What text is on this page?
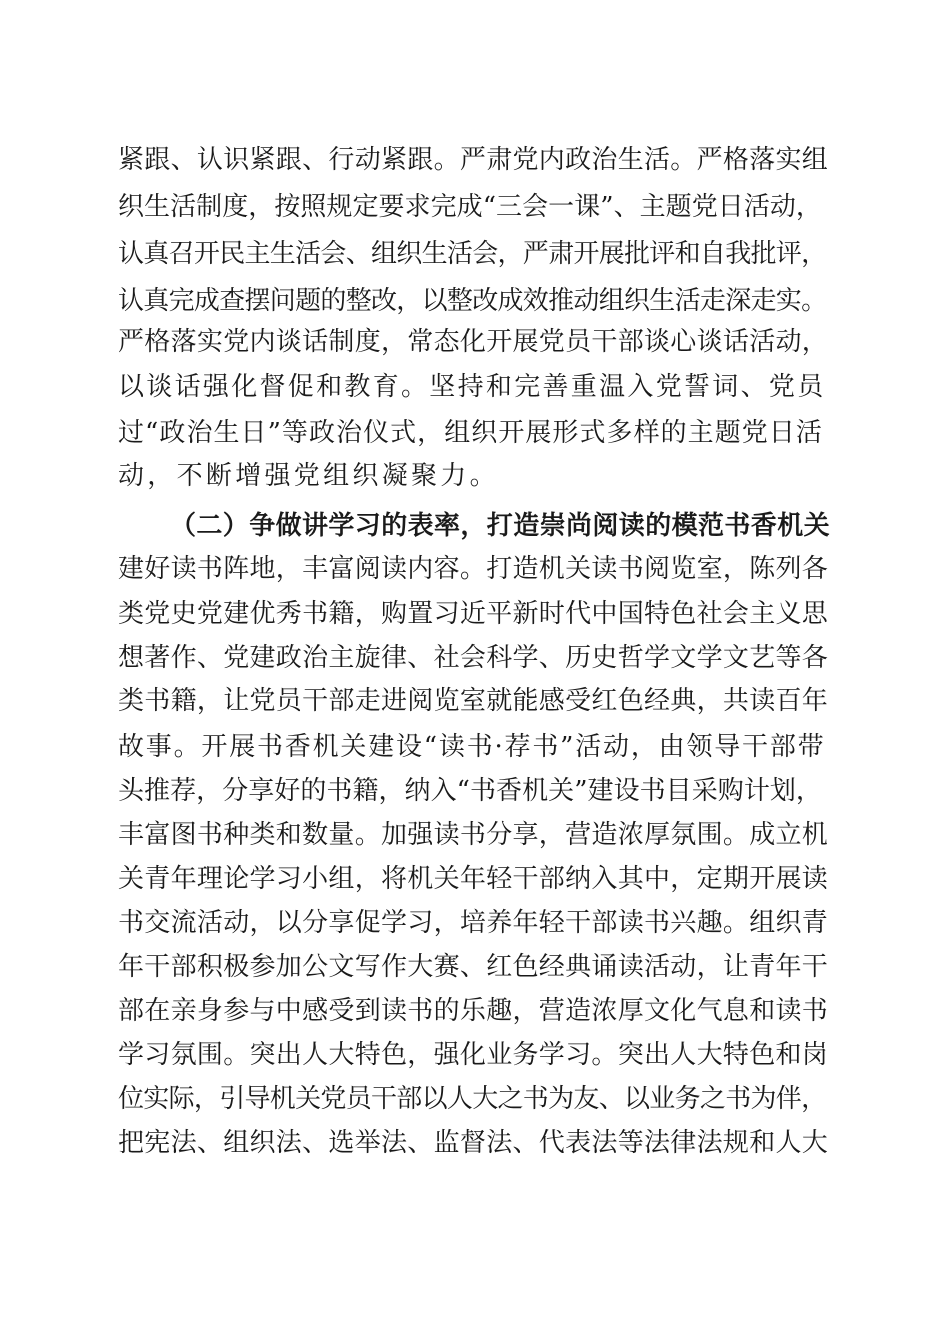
紧跟、认识紧跟、行动紧跟。严肃党内政治生活。严格落实组
织生活制度，按照规定要求完成“三会一课”、主题党日活动，
认真召开民主生活会、组织生活会，严肃开展批评和自我批评，
认真完成查摆问题的整改，以整改成效推动组织生活走深走实。
严格落实党内谈话制度，常态化开展党员干部谈心谈话活动，
以谈话强化督促和教育。坚持和完善重温入党誓词、党员
过“政治生日”等政治仪式，组织开展形式多样的主题党日活
动，不断增强党组织凝聚力。
（二）争做讲学习的表率，打造崇尚阅读的模范书香机关
建好读书阵地，丰富阅读内容。打造机关读书阅览室，陈列各
类党史党建优秀书籍，购置习近平新时代中国特色社会主义思
想著作、党建政治主旋律、社会科学、历史哲学文学文艺等各
类书籍，让党员干部走进阅览室就能感受红色经典，共读百年
故事。开展书香机关建设“读书·荐书”活动，由领导干部带
头推荐，分享好的书籍，纳入“书香机关”建设书目采购计划，
丰富图书种类和数量。加强读书分享，营造浓厚氛围。成立机
关青年理论学习小组，将机关年轻干部纳入其中，定期开展读
书交流活动，以分享促学习，培养年轻干部读书兴趣。组织青
年干部积极参加公文写作大赛、红色经典诵读活动，让青年干
部在亲身参与中感受到读书的乐趣，营造浓厚文化气息和读书
学习氛围。突出人大特色，强化业务学习。突出人大特色和岗
位实际，引导机关党员干部以人大之书为友、以业务之书为伴，
把宪法、组织法、选举法、监督法、代表法等法律法规和人大
